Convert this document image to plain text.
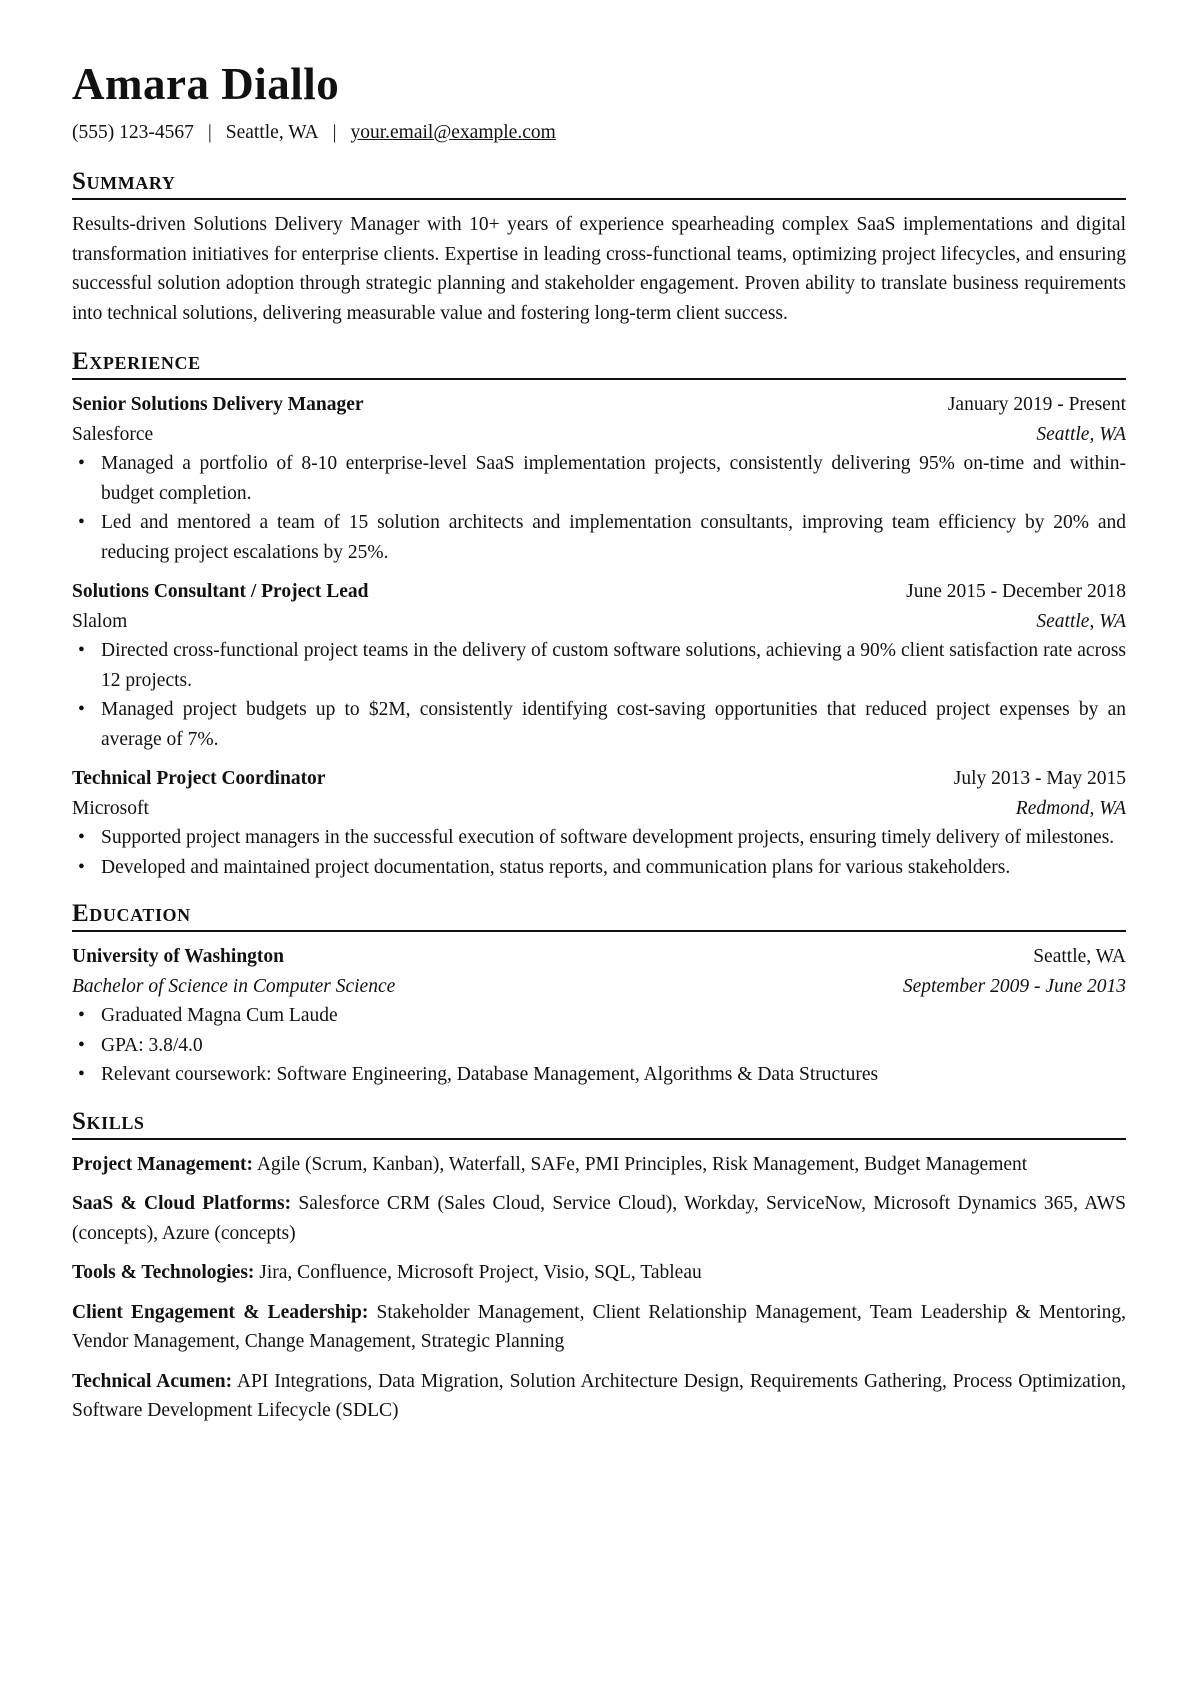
Amara Diallo
(555) 123-4567 | Seattle, WA | your.email@example.com
Summary
Results-driven Solutions Delivery Manager with 10+ years of experience spearheading complex SaaS implementations and digital transformation initiatives for enterprise clients. Expertise in leading cross-functional teams, optimizing project lifecycles, and ensuring successful solution adoption through strategic planning and stakeholder engagement. Proven ability to translate business requirements into technical solutions, delivering measurable value and fostering long-term client success.
Experience
Senior Solutions Delivery Manager	January 2019 - Present
Salesforce	Seattle, WA
• Managed a portfolio of 8-10 enterprise-level SaaS implementation projects, consistently delivering 95% on-time and within-budget completion.
• Led and mentored a team of 15 solution architects and implementation consultants, improving team efficiency by 20% and reducing project escalations by 25%.
Solutions Consultant / Project Lead	June 2015 - December 2018
Slalom	Seattle, WA
• Directed cross-functional project teams in the delivery of custom software solutions, achieving a 90% client satisfaction rate across 12 projects.
• Managed project budgets up to $2M, consistently identifying cost-saving opportunities that reduced project expenses by an average of 7%.
Technical Project Coordinator	July 2013 - May 2015
Microsoft	Redmond, WA
• Supported project managers in the successful execution of software development projects, ensuring timely delivery of milestones.
• Developed and maintained project documentation, status reports, and communication plans for various stakeholders.
Education
University of Washington	Seattle, WA
Bachelor of Science in Computer Science	September 2009 - June 2013
• Graduated Magna Cum Laude
• GPA: 3.8/4.0
• Relevant coursework: Software Engineering, Database Management, Algorithms & Data Structures
Skills
Project Management: Agile (Scrum, Kanban), Waterfall, SAFe, PMI Principles, Risk Management, Budget Management
SaaS & Cloud Platforms: Salesforce CRM (Sales Cloud, Service Cloud), Workday, ServiceNow, Microsoft Dynamics 365, AWS (concepts), Azure (concepts)
Tools & Technologies: Jira, Confluence, Microsoft Project, Visio, SQL, Tableau
Client Engagement & Leadership: Stakeholder Management, Client Relationship Management, Team Leadership & Mentoring, Vendor Management, Change Management, Strategic Planning
Technical Acumen: API Integrations, Data Migration, Solution Architecture Design, Requirements Gathering, Process Optimization, Software Development Lifecycle (SDLC)
